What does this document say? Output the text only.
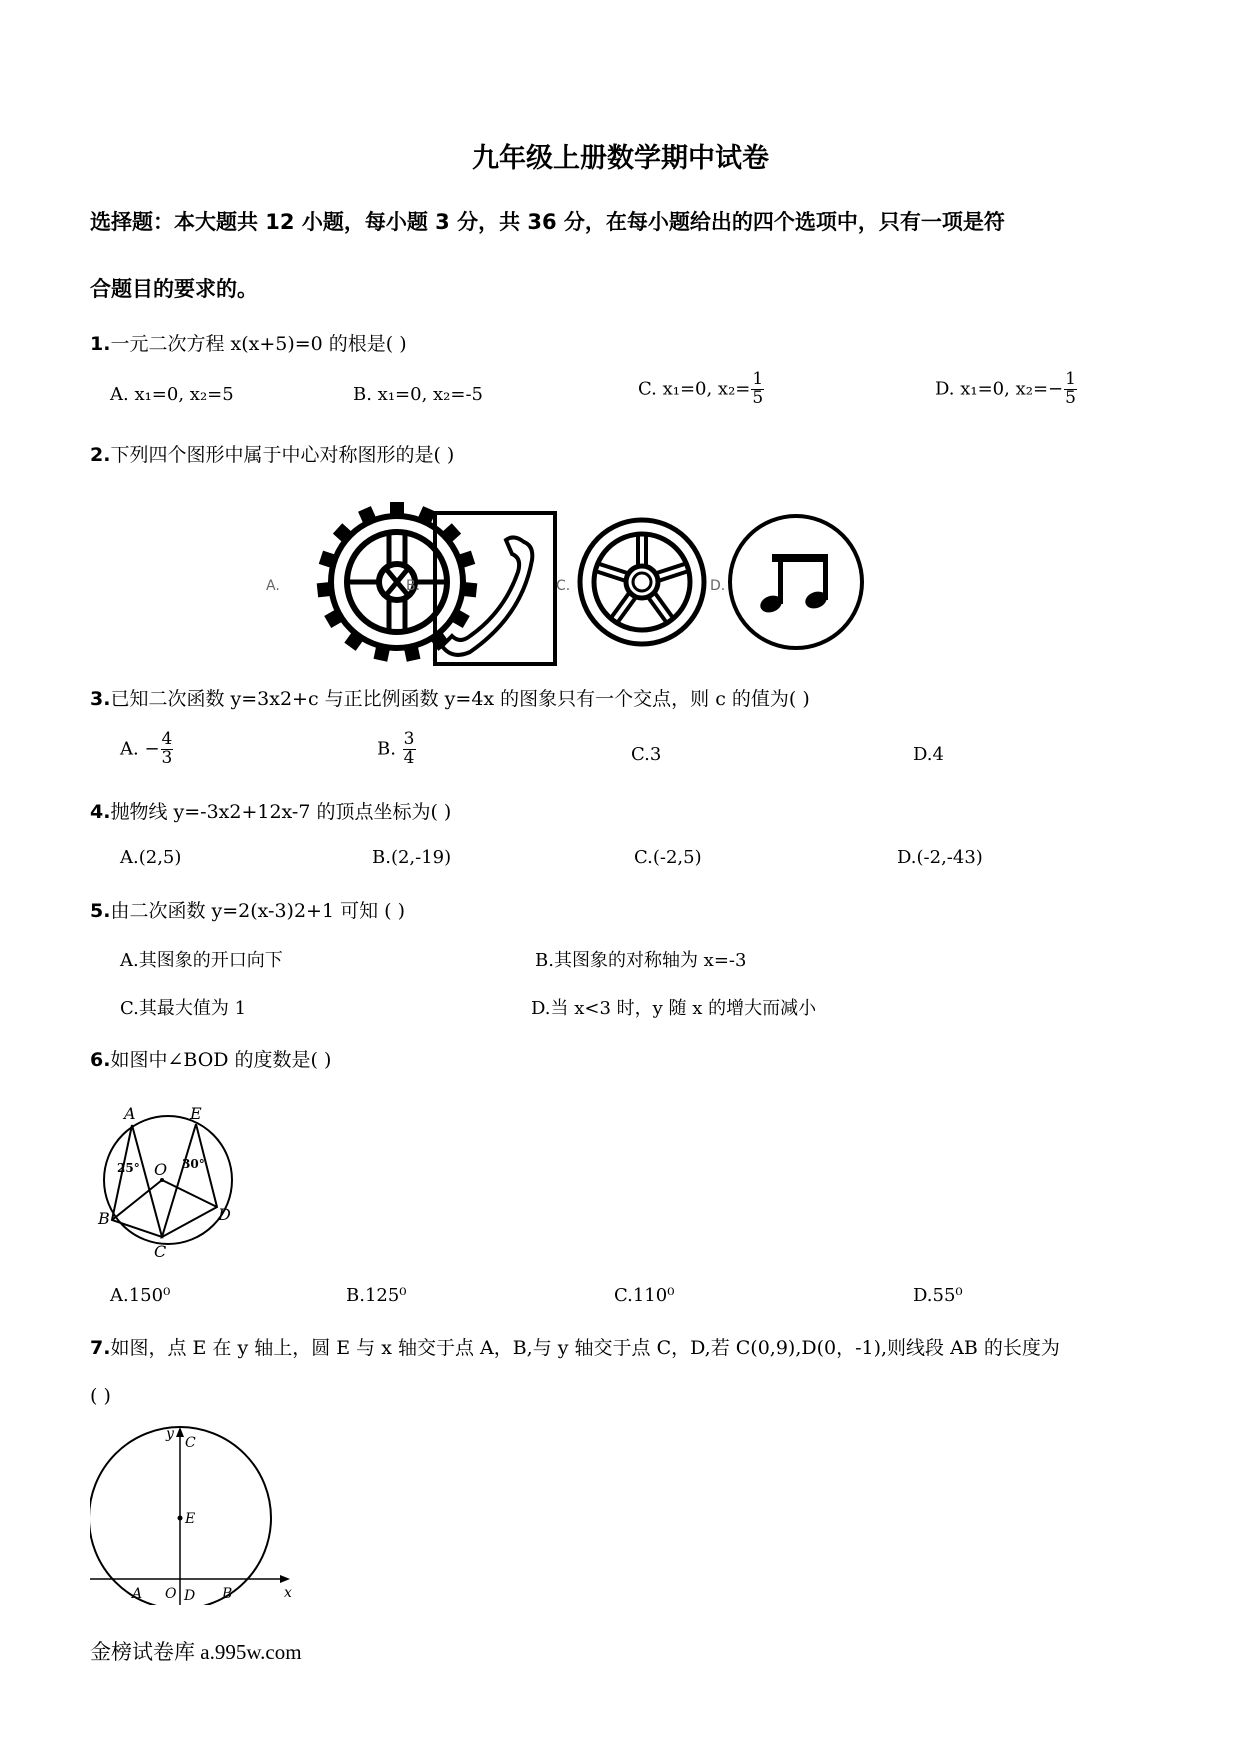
九年级上册数学期中试卷
选择题：本大题共 12 小题，每小题 3 分，共 36 分，在每小题给出的四个选项中，只有一项是符
合题目的要求的。
1.一元二次方程 x(x+5)=0 的根是( )
A. x₁=0, x₂=5	B. x₁=0, x₂=-5	C. x₁=0, $x_2= \frac{1}{5}$	D. x₁=0, $x_2=- \frac{1}{5}$
2.下列四个图形中属于中心对称图形的是( )
A.	B.	C.	D.
3.已知二次函数 y=3x2+c 与正比例函数 y=4x 的图象只有一个交点，则 c 的值为( )
A. − $\frac{4}{3}$	B. $\frac{3}{4}$	C.3	D.4
4.抛物线 y=-3x2+12x-7 的顶点坐标为( )
A.(2,5)	B.(2,-19)	C.(-2,5)	D.(-2,-43)
5.由二次函数 y=2(x-3)2+1 可知 ( )
A.其图象的开口向下	B.其图象的对称轴为 x=-3
C.其最大值为 1	D.当 x<3 时，y 随 x 的增大而减小
6.如图中∠BOD 的度数是( )
A	E
O
B
C
D
25°	30°
A.150⁰	B.125⁰	C.110⁰	D.55⁰
7.如图，点 E 在 y 轴上，圆 E 与 x 轴交于点 A，B,与 y 轴交于点 C，D,若 C(0,9),D(0，-1),则线段 AB 的长度为
( )
y
C
E
A O	B
D	x
金榜试卷库 a.995w.com
